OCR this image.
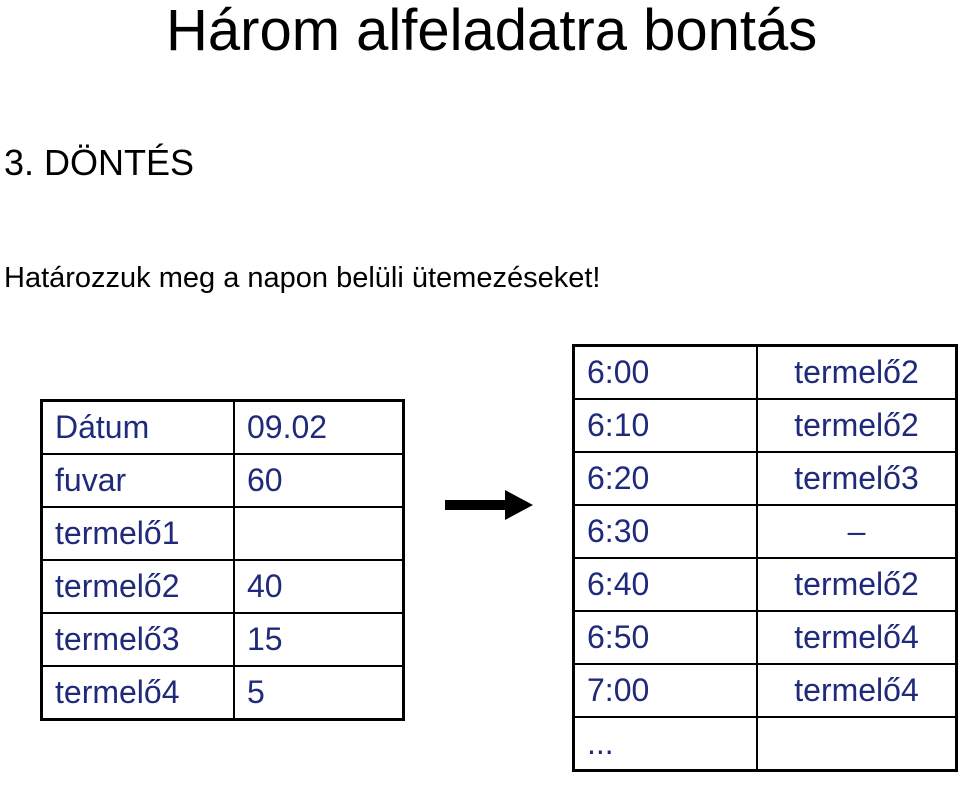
Három alfeladatra bontás
3. DÖNTÉS
Határozzuk meg a napon belüli ütemezéseket!
Dátum	09.02
fuvar	60
termelő1	
termelő2	40
termelő3	15
termelő4	5
6:00	termelő2
6:10	termelő2
6:20	termelő3
6:30	–
6:40	termelő2
6:50	termelő4
7:00	termelő4
...	
